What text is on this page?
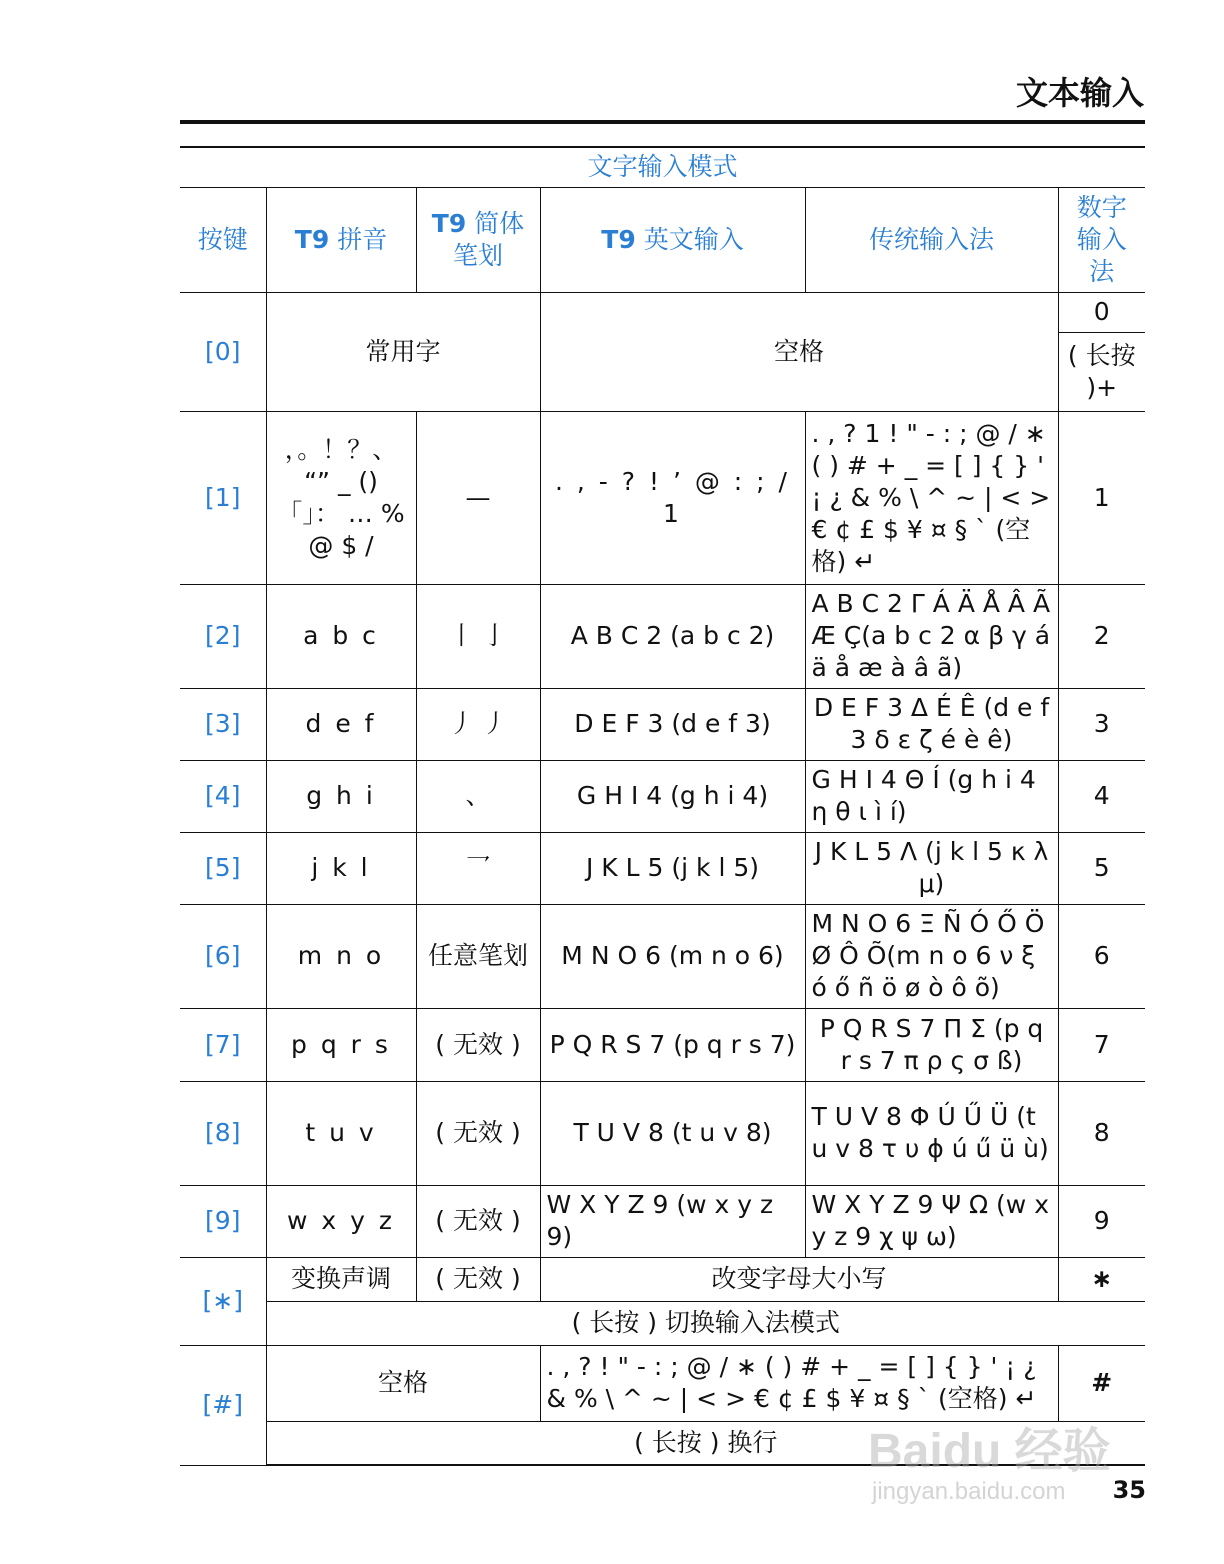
文本输入
文字输入模式					
按键	T9 拼音	T9 简体笔划	T9 英文输入	传统输入法	数字输入法
[0]	常用字		空格		0
					( 长按 )+
[1]	，。！？、 “” _ () 「」： … % @ $ /	—	. , - ? ! ’ @ : ; / 1	. , ? 1 ! " - : ; @ / ∗ ( ) # + _ = [ ] { } ' ¡ ¿ & % \ ^ ~ | < > € ¢ £ $ ¥ ¤ § ` (空格) ↵	1
[2]	a b c	丨 亅	A B C 2 (a b c 2)	A B C 2 Γ Á Ä Å Â Ã Æ Ç(a b c 2 α β γ á ä å æ à â ã)	2
[3]	d e f	丿 丿	D E F 3 (d e f 3)	D E F 3 Δ É Ê (d e f 3 δ ε ζ é è ê)	3
[4]	g h i	、	G H I 4 (g h i 4)	G H I 4 Θ Í (g h i 4 η θ ι ì í)	4
[5]	j k l	乛	J K L 5 (j k l 5)	J K L 5 Λ (j k l 5 κ λ μ)	5
[6]	m n o	任意笔划	M N O 6 (m n o 6)	M N O 6 Ξ Ñ Ó Ő Ö Ø Ô Õ(m n o 6 ν ξ ó ő ñ ö ø ò ô õ)	6
[7]	p q r s	( 无效 )	P Q R S 7 (p q r s 7)	P Q R S 7 Π Σ (p q r s 7 π ρ ς σ ß)	7
[8]	t u v	( 无效 )	T U V 8 (t u v 8)	T U V 8 Φ Ú Ű Ü (t u v 8 τ υ ϕ ú ű ü ù)	8
[9]	w x y z	( 无效 )	W X Y Z 9 (w x y z 9)	W X Y Z 9 Ψ Ω (w x y z 9 χ ψ ω)	9
[∗]	变换声调	( 无效 )	改变字母大小写		∗
	( 长按 ) 切换输入法模式				
[#]	空格		. , ? ! " - : ; @ / ∗ ( ) # + _ = [ ] { } ' ¡ ¿ & % \ ^ ~ | < > € ¢ £ $ ¥ ¤ § ` (空格) ↵		#
	( 长按 ) 换行				Baidu 经验
jingyan.baidu.com 35
